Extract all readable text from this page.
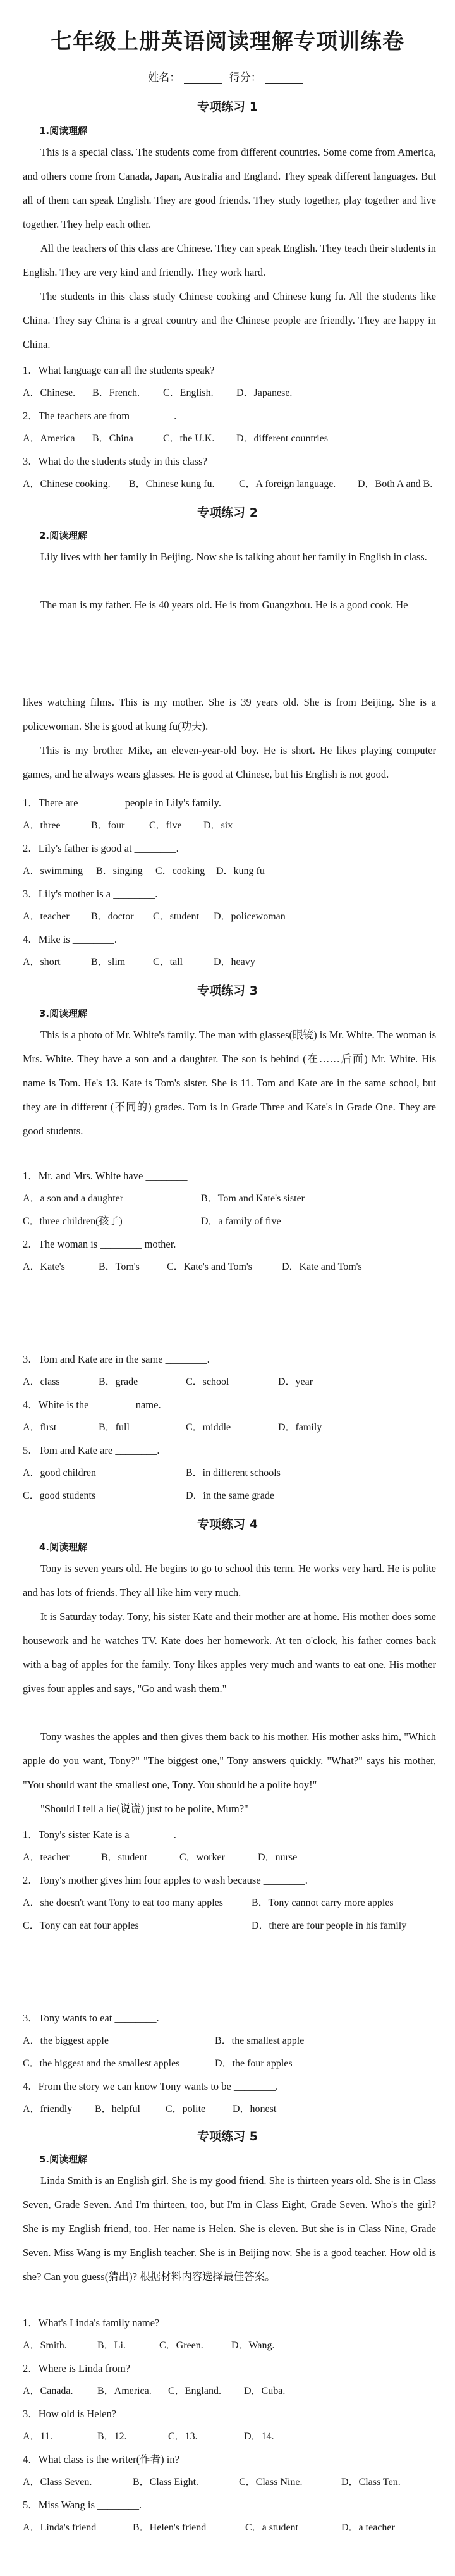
七年级上册英语阅读理解专项训练卷
姓名：	得分：
专项练习 1
1.阅读理解
This is a special class. The students come from different countries. Some come from America, and others come from Canada, Japan, Australia and England. They speak different languages. But all of them can speak English. They are good friends. They study together, play together and live together. They help each other.
All the teachers of this class are Chinese. They can speak English. They teach their students in English. They are very kind and friendly. They work hard.
The students in this class study Chinese cooking and Chinese kung fu. All the students like China. They say China is a great country and the Chinese people are friendly. They are happy in China.
1．What language can all the students speak?
A．Chinese. B．French. C．English. D．Japanese.
2．The teachers are from ________.
A．America B．China	C．the U.K. D．different countries
3．What do the students study in this class?
A．Chinese cooking. B．Chinese kung fu. C．A foreign language. D．Both A and B.
专项练习 2
2.阅读理解
Lily lives with her family in Beijing. Now she is talking about her family in English in class.
The man is my father. He is 40 years old. He is from Guangzhou. He is a good cook. He
likes watching films. This is my mother. She is 39 years old. She is from Beijing. She is a policewoman. She is good at kung fu(功夫).
This is my brother Mike, an eleven-year-old boy. He is short. He likes playing computer games, and he always wears glasses. He is good at Chinese, but his English is not good.
1．There are ________ people in Lily's family.
A．three	B．four C．five D．six
2．Lily's father is good at ________.
A．swimming B．singing C．cooking D．kung fu
3．Lily's mother is a ________.
A．teacher B．doctor C．student D．policewoman
4．Mike is ________.
A．short	B．slim	C．tall	D．heavy
专项练习 3
3.阅读理解
This is a photo of Mr. White's family. The man with glasses(眼镜) is Mr. White. The woman is Mrs. White. They have a son and a daughter. The son is behind (在……后面) Mr. White. His name is Tom. He's 13. Kate is Tom's sister. She is 11. Tom and Kate are in the same school, but they are in different (不同的) grades. Tom is in Grade Three and Kate's in Grade One. They are good students.
1．Mr. and Mrs. White have ________
A．a son and a daughter	B．Tom and Kate's sister
C．three children(孩子)	D．a family of five
2．The woman is ________ mother.
A．Kate's	B．Tom's	C．Kate's and Tom's	D．Kate and Tom's
3．Tom and Kate are in the same ________.
A．class	B．grade	C．school	D．year
4．White is the ________ name.
A．first	B．full	C．middle	D．family
5．Tom and Kate are ________.
A．good children	B．in different schools
C．good students	D．in the same grade
专项练习 4
4.阅读理解
Tony is seven years old. He begins to go to school this term. He works very hard. He is polite and has lots of friends. They all like him very much.
It is Saturday today. Tony, his sister Kate and their mother are at home. His mother does some housework and he watches TV. Kate does her homework. At ten o'clock, his father comes back with a bag of apples for the family. Tony likes apples very much and wants to eat one. His mother gives four apples and says, "Go and wash them."
Tony washes the apples and then gives them back to his mother. His mother asks him, "Which apple do you want, Tony?" "The biggest one," Tony answers quickly. "What?" says his mother, "You should want the smallest one, Tony. You should be a polite boy!"
"Should I tell a lie(说谎) just to be polite, Mum?"
1．Tony's sister Kate is a ________.
A．teacher	B．student	C．worker	D．nurse
2．Tony's mother gives him four apples to wash because ________.
A．she doesn't want Tony to eat too many apples	B．Tony cannot carry more apples
C．Tony can eat four apples	D．there are four people in his family
3．Tony wants to eat ________.
A．the biggest apple	B．the smallest apple
C．the biggest and the smallest apples	D．the four apples
4．From the story we can know Tony wants to be ________.
A．friendly B．helpful	C．polite	D．honest
专项练习 5
5.阅读理解
Linda Smith is an English girl. She is my good friend. She is thirteen years old. She is in Class Seven, Grade Seven. And I'm thirteen, too, but I'm in Class Eight, Grade Seven. Who's the girl? She is my English friend, too. Her name is Helen. She is eleven. But she is in Class Nine, Grade Seven. Miss Wang is my English teacher. She is in Beijing now. She is a good teacher. How old is she? Can you guess(猜出)? 根据材料内容选择最佳答案。
1．What's Linda's family name?
A．Smith.	B．Li.	C．Green.	D．Wang.
2．Where is Linda from?
A．Canada. B．America. C．England. D．Cuba.
3．How old is Helen?
A．11.	B．12.	C．13.	D．14.
4．What class is the writer(作者) in?
A．Class Seven.	B．Class Eight.	C．Class Nine.	D．Class Ten.
5．Miss Wang is ________.
A．Linda's friend	B．Helen's friend	C．a student	D．a teacher
